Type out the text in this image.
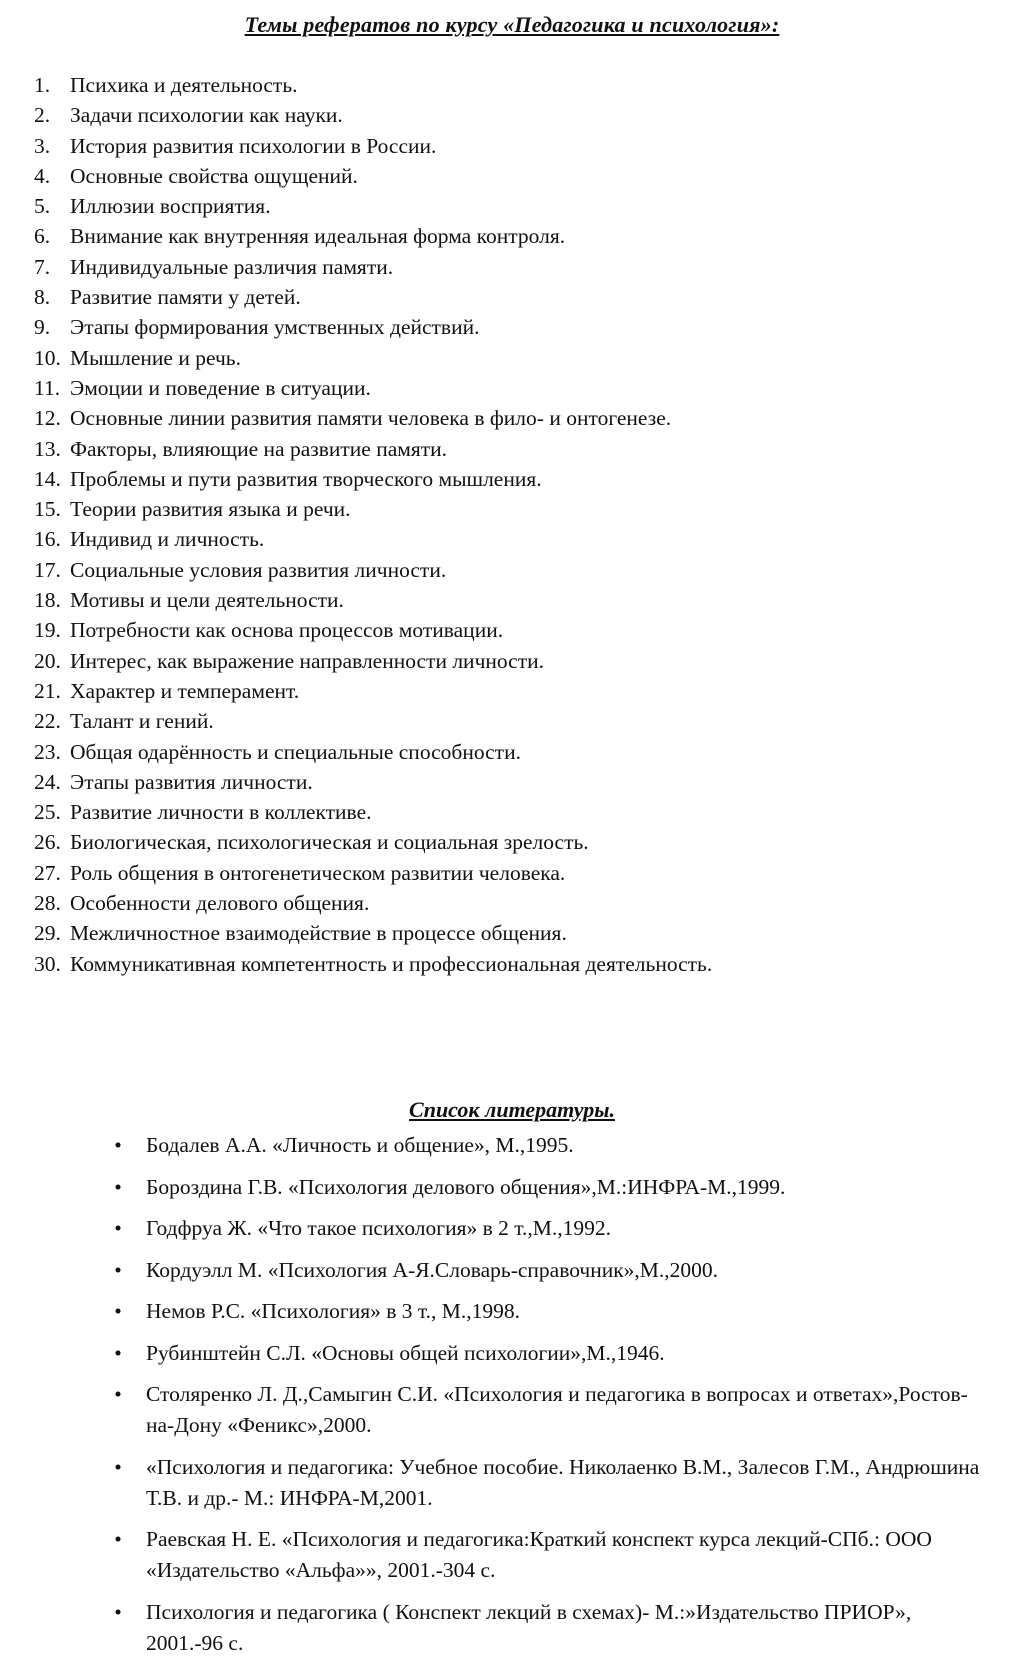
Темы рефератов по курсу «Педагогика и психология»:
1. Психика и деятельность.
2. Задачи психологии как науки.
3. История развития психологии в России.
4. Основные свойства ощущений.
5. Иллюзии восприятия.
6. Внимание как внутренняя идеальная форма контроля.
7. Индивидуальные различия памяти.
8. Развитие памяти у детей.
9. Этапы формирования умственных действий.
10. Мышление и речь.
11. Эмоции и поведение в ситуации.
12. Основные линии развития памяти человека в фило- и онтогенезе.
13. Факторы, влияющие на развитие памяти.
14. Проблемы и пути развития творческого мышления.
15. Теории развития языка и речи.
16. Индивид и личность.
17. Социальные условия развития личности.
18. Мотивы и цели деятельности.
19. Потребности как основа процессов мотивации.
20. Интерес, как выражение направленности личности.
21. Характер и темперамент.
22. Талант и гений.
23. Общая одарённость и специальные способности.
24. Этапы развития личности.
25. Развитие личности в коллективе.
26. Биологическая, психологическая и социальная зрелость.
27. Роль общения в онтогенетическом развитии человека.
28. Особенности делового общения.
29. Межличностное взаимодействие в процессе общения.
30. Коммуникативная компетентность и профессиональная деятельность.
Список литературы.
• Бодалев А.А. «Личность и общение», М.,1995.
• Бороздина Г.В. «Психология делового общения»,М.:ИНФРА-М.,1999.
• Годфруа Ж. «Что такое психология» в 2 т.,М.,1992.
• Кордуэлл М. «Психология А-Я.Словарь-справочник»,М.,2000.
• Немов Р.С. «Психология» в 3 т., М.,1998.
• Рубинштейн С.Л. «Основы общей психологии»,М.,1946.
• Столяренко Л. Д.,Самыгин С.И. «Психология и педагогика в вопросах и ответах»,Ростов-на-Дону «Феникс»,2000.
• «Психология и педагогика: Учебное пособие. Николаенко В.М., Залесов Г.М., Андрюшина Т.В. и др.- М.: ИНФРА-М,2001.
• Раевская Н. Е. «Психология и педагогика:Краткий конспект курса лекций-СПб.: ООО «Издательство «Альфа»», 2001.-304 с.
• Психология и педагогика ( Конспект лекций в схемах)- М.:»Издательство ПРИОР», 2001.-96 с.
